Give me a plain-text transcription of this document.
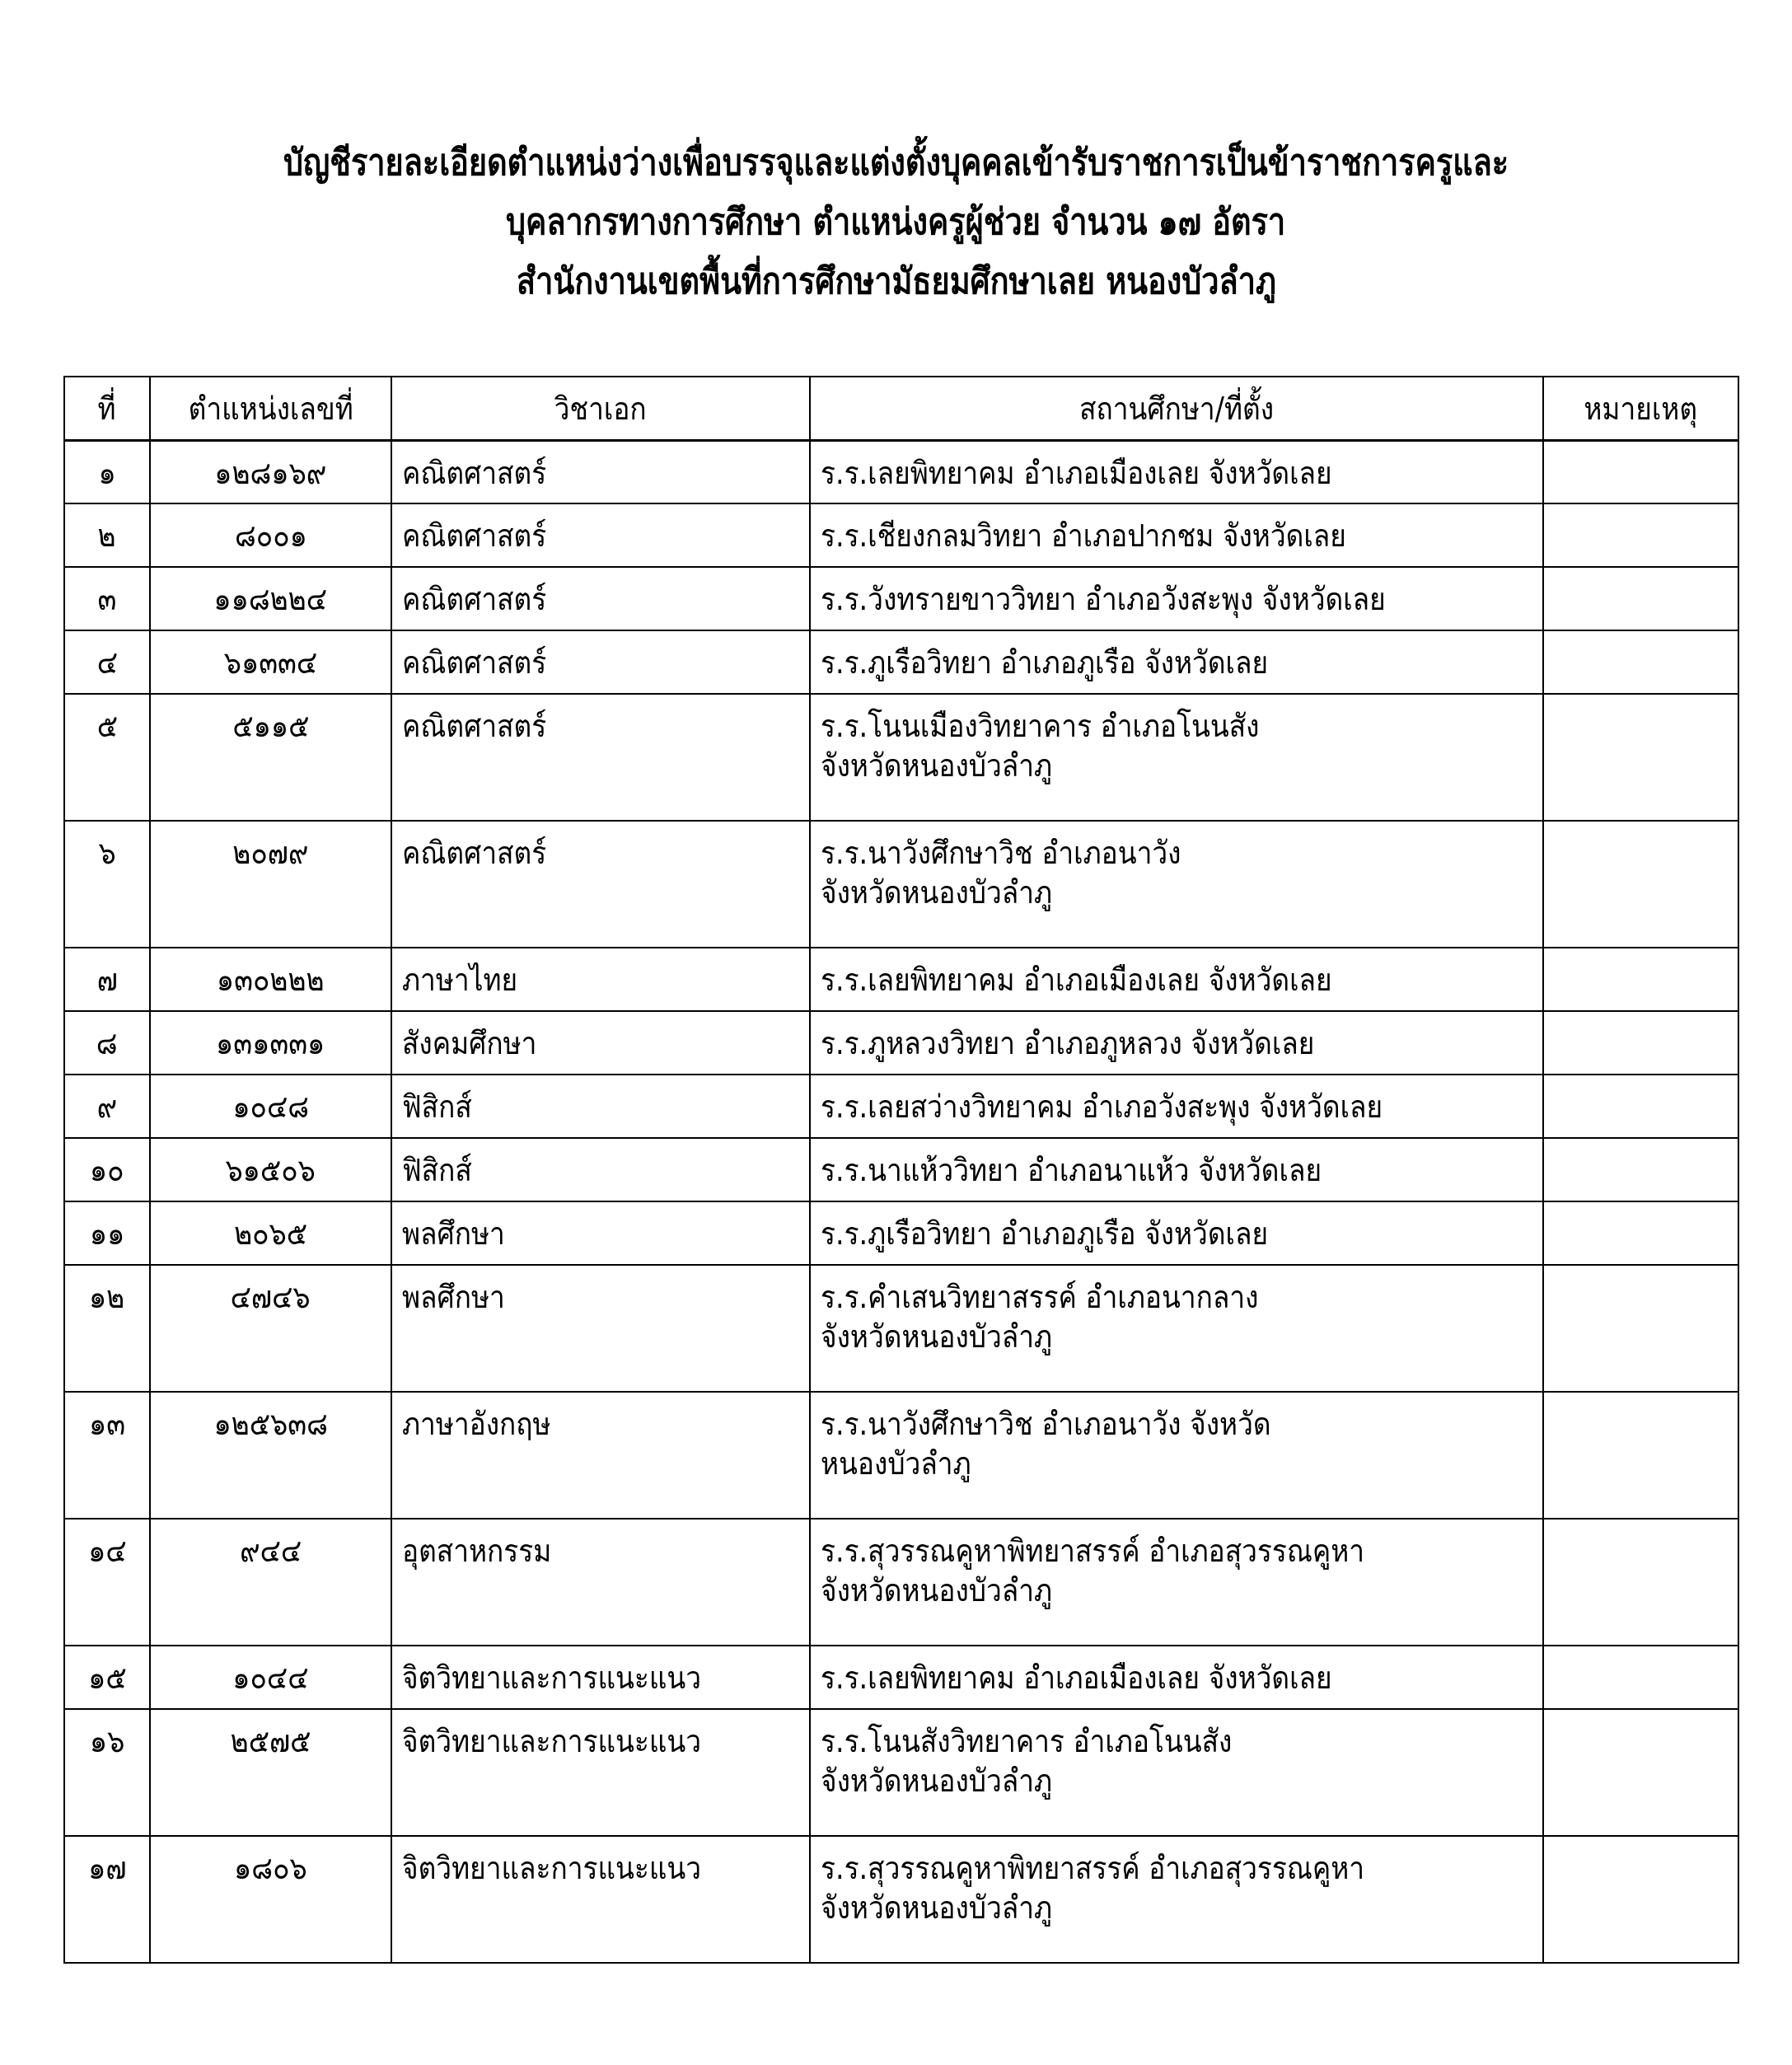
บัญชีรายละเอียดตำแหน่งว่างเพื่อบรรจุและแต่งตั้งบุคคลเข้ารับราชการเป็นข้าราชการครูและ
บุคลากรทางการศึกษา ตำแหน่งครูผู้ช่วย จำนวน ๑๗ อัตรา
สำนักงานเขตพื้นที่การศึกษามัธยมศึกษาเลย หนองบัวลำภู
ที่	ตำแหน่งเลขที่	วิชาเอก	สถานศึกษา/ที่ตั้ง	หมายเหตุ
๑	๑๒๘๑๖๙	คณิตศาสตร์	ร.ร.เลยพิทยาคม อำเภอเมืองเลย จังหวัดเลย	

๒	๘๐๐๑	คณิตศาสตร์	ร.ร.เชียงกลมวิทยา อำเภอปากชม จังหวัดเลย	

๓	๑๑๘๒๒๔	คณิตศาสตร์	ร.ร.วังทรายขาววิทยา อำเภอวังสะพุง จังหวัดเลย	

๔	๖๑๓๓๔	คณิตศาสตร์	ร.ร.ภูเรือวิทยา อำเภอภูเรือ จังหวัดเลย	

๕	๕๑๑๕	คณิตศาสตร์	ร.ร.โนนเมืองวิทยาคาร อำเภอโนนสัง
จังหวัดหนองบัวลำภู	

๖	๒๐๗๙	คณิตศาสตร์	ร.ร.นาวังศึกษาวิช อำเภอนาวัง
จังหวัดหนองบัวลำภู	

๗	๑๓๐๒๒๒	ภาษาไทย	ร.ร.เลยพิทยาคม อำเภอเมืองเลย จังหวัดเลย	

๘	๑๓๑๓๓๑	สังคมศึกษา	ร.ร.ภูหลวงวิทยา อำเภอภูหลวง จังหวัดเลย	

๙	๑๐๔๘	ฟิสิกส์	ร.ร.เลยสว่างวิทยาคม อำเภอวังสะพุง จังหวัดเลย	

๑๐	๖๑๕๐๖	ฟิสิกส์	ร.ร.นาแห้ววิทยา อำเภอนาแห้ว จังหวัดเลย	

๑๑	๒๐๖๕	พลศึกษา	ร.ร.ภูเรือวิทยา อำเภอภูเรือ จังหวัดเลย	

๑๒	๔๗๔๖	พลศึกษา	ร.ร.คำเสนวิทยาสรรค์ อำเภอนากลาง
จังหวัดหนองบัวลำภู	

๑๓	๑๒๕๖๓๘	ภาษาอังกฤษ	ร.ร.นาวังศึกษาวิช อำเภอนาวัง จังหวัด
หนองบัวลำภู	

๑๔	๙๔๔	อุตสาหกรรม	ร.ร.สุวรรณคูหาพิทยาสรรค์ อำเภอสุวรรณคูหา
จังหวัดหนองบัวลำภู	

๑๕	๑๐๔๔	จิตวิทยาและการแนะแนว	ร.ร.เลยพิทยาคม อำเภอเมืองเลย จังหวัดเลย	

๑๖	๒๕๗๕	จิตวิทยาและการแนะแนว	ร.ร.โนนสังวิทยาคาร อำเภอโนนสัง
จังหวัดหนองบัวลำภู	

๑๗	๑๘๐๖	จิตวิทยาและการแนะแนว	ร.ร.สุวรรณคูหาพิทยาสรรค์ อำเภอสุวรรณคูหา
จังหวัดหนองบัวลำภู	
